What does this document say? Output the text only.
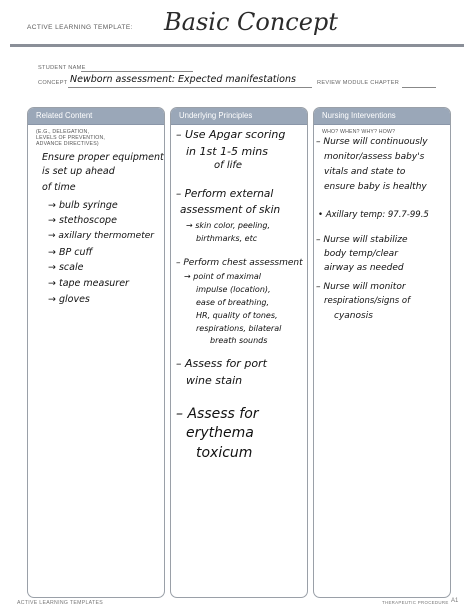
ACTIVE LEARNING TEMPLATE: Basic Concept
STUDENT NAME
CONCEPT Newborn assessment: Expected manifestations	REVIEW MODULE CHAPTER
Related Content
(E.G., DELEGATION,
LEVELS OF PREVENTION,
ADVANCE DIRECTIVES)
Ensure proper equipment
is set up ahead
of time
→ bulb syringe
→ stethoscope
→ axillary thermometer
→ BP cuff
→ scale
→ tape measurer
→ gloves
Underlying Principles
– Use Apgar scoring
in 1st 1-5 mins
of life
– Perform external
assessment of skin
→ skin color, peeling,
birthmarks, etc
– Perform chest assessment
→ point of maximal
impulse (location),
ease of breathing,
HR, quality of tones,
respirations, bilateral
breath sounds
– Assess for port
wine stain
– Assess for
erythema
toxicum
Nursing Interventions
WHO? WHEN? WHY? HOW?
– Nurse will continuously
monitor/assess baby's
vitals and state to
ensure baby is healthy
• Axillary temp: 97.7-99.5
– Nurse will stabilize
body temp/clear
airway as needed
– Nurse will monitor
respirations/signs of
cyanosis
ACTIVE LEARNING TEMPLATES	THERAPEUTIC PROCEDURE A1
